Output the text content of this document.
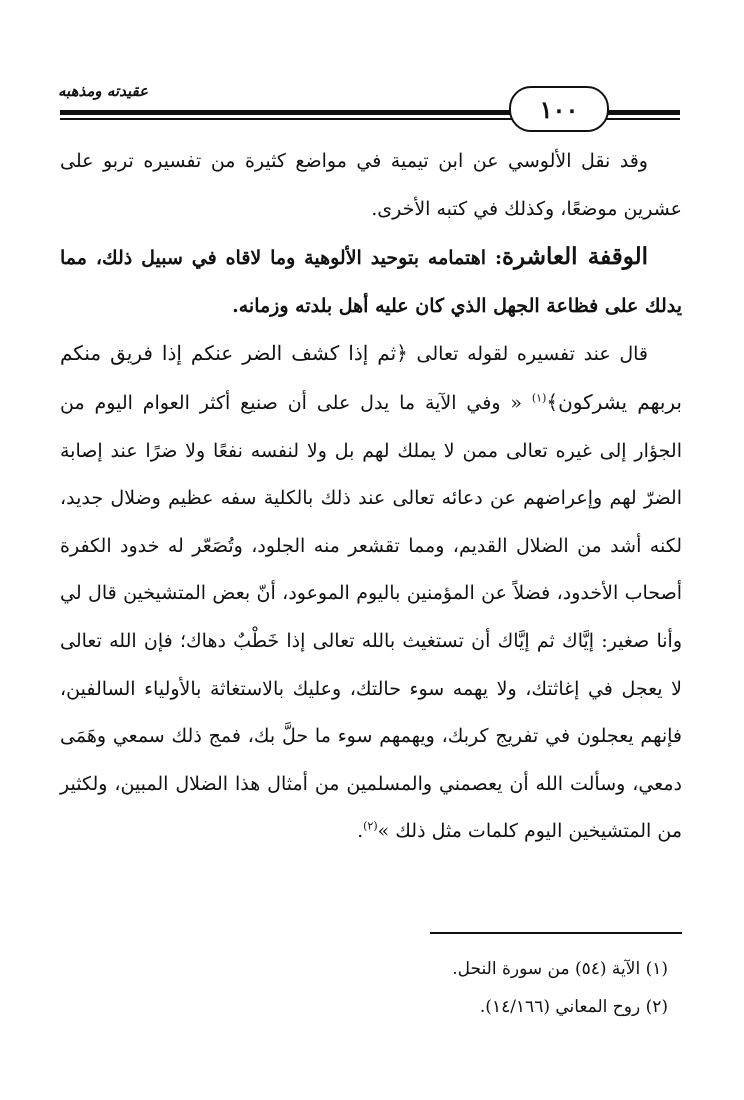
عقيدته ومذهبه
١٠٠

وقد نقل الألوسي عن ابن تيمية في مواضع كثيرة من تفسيره تربو على عشرين موضعًا، وكذلك في كتبه الأخرى.

الوقفة العاشرة: اهتمامه بتوحيد الألوهية وما لاقاه في سبيل ذلك، مما يدلك على فظاعة الجهل الذي كان عليه أهل بلدته وزمانه.

قال عند تفسيره لقوله تعالى ﴿ثم إذا كشف الضر عنكم إذا فريق منكم بربهم يشركون﴾$^{(١)}$ « وفي الآية ما يدل على أن صنيع أكثر العوام اليوم من الجؤار إلى غيره تعالى ممن لا يملك لهم بل ولا لنفسه نفعًا ولا ضرًا عند إصابة الضرّ لهم وإعراضهم عن دعائه تعالى عند ذلك بالكلية سفه عظيم وضلال جديد، لكنه أشد من الضلال القديم، ومما تقشعر منه الجلود، وتُصَعّر له خدود الكفرة أصحاب الأخدود، فضلاً عن المؤمنين باليوم الموعود، أنّ بعض المتشيخين قال لي وأنا صغير: إيَّاك ثم إيَّاك أن تستغيث بالله تعالى إذا خَطْبٌ دهاك؛ فإن الله تعالى لا يعجل في إغاثتك، ولا يهمه سوء حالتك، وعليك بالاستغاثة بالأولياء السالفين، فإنهم يعجلون في تفريج كربك، ويهمهم سوء ما حلَّ بك، فمج ذلك سمعي وهَمَى دمعي، وسألت الله أن يعصمني والمسلمين من أمثال هذا الضلال المبين، ولكثير من المتشيخين اليوم كلمات مثل ذلك »$^{(٢)}$.

(١) الآية (٥٤) من سورة النحل.

(٢) روح المعاني (١٤/١٦٦).
